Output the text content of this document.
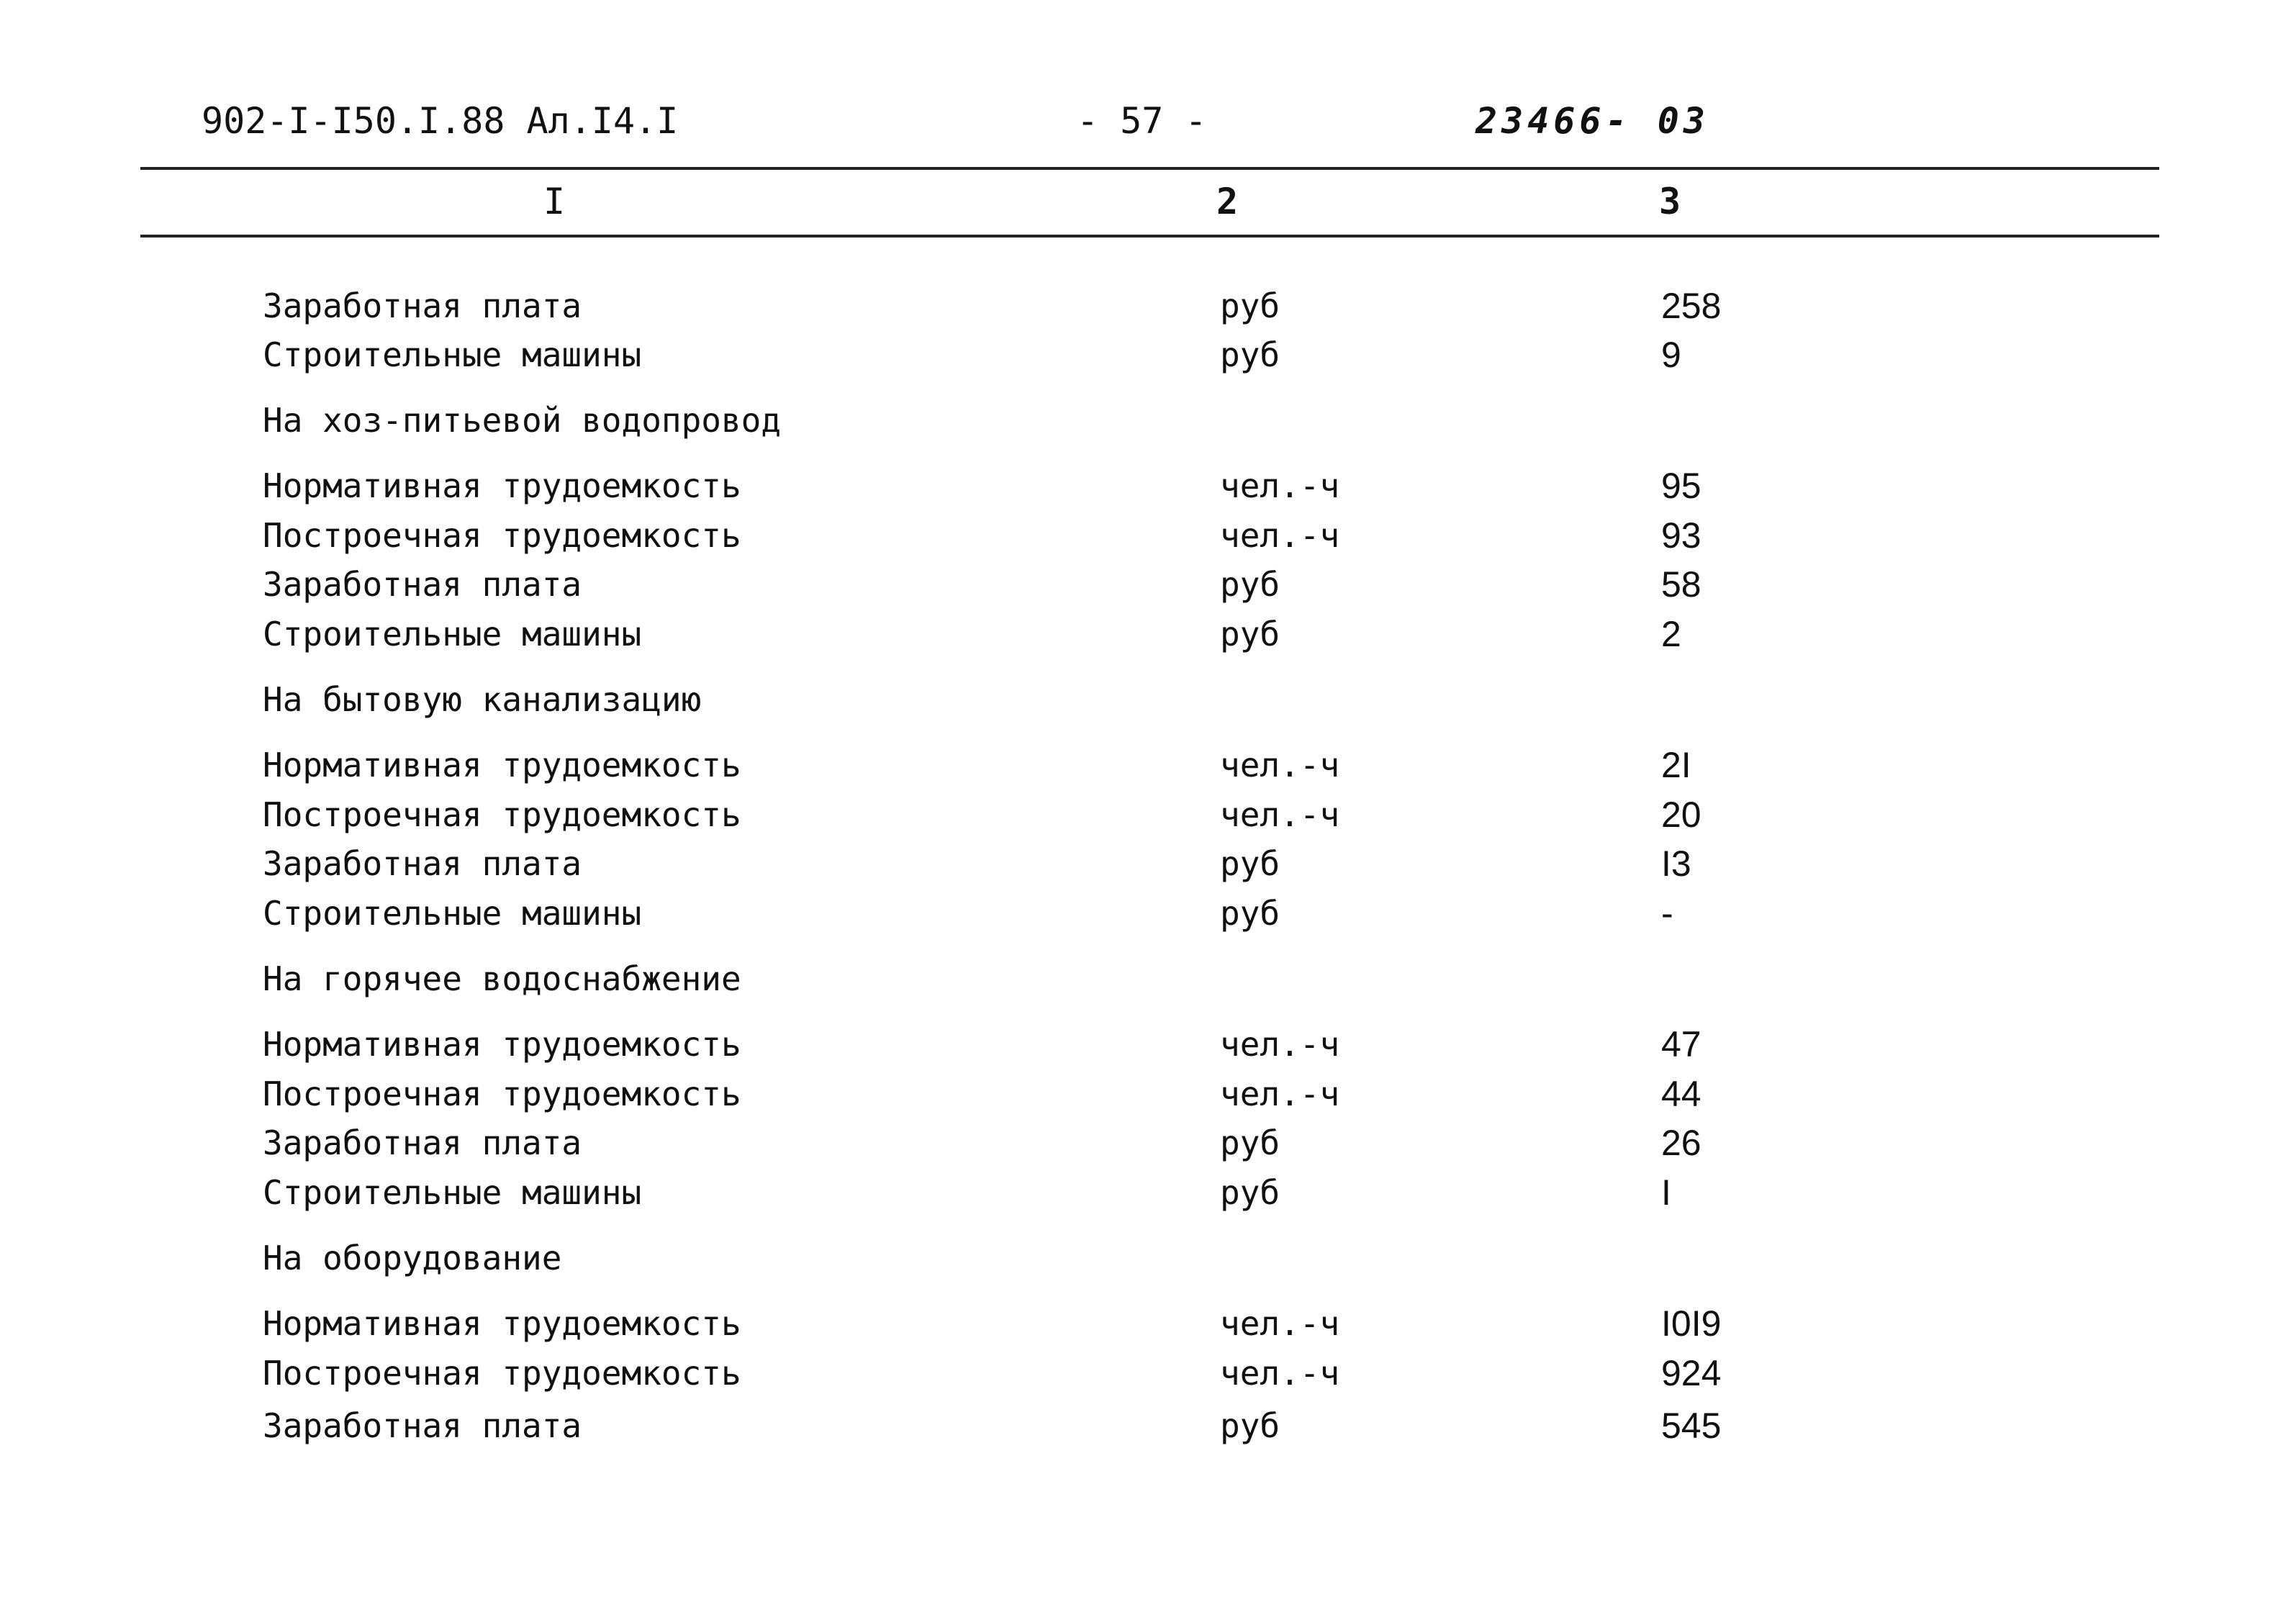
902-I-I50.I.88 Ал.I4.I	- 57 -	23466- 03
I	2	3
Заработная плата	руб	258
Строительные машины	руб	9
На хоз-питьевой водопровод
Нормативная трудоемкость	чел.-ч	95
Построечная трудоемкость	чел.-ч	93
Заработная плата	руб	58
Строительные машины	руб	2
На бытовую канализацию
Нормативная трудоемкость	чел.-ч	2I
Построечная трудоемкость	чел.-ч	20
Заработная плата	руб	I3
Строительные машины	руб	-
На горячее водоснабжение
Нормативная трудоемкость	чел.-ч	47
Построечная трудоемкость	чел.-ч	44
Заработная плата	руб	26
Строительные машины	руб	I
На оборудование
Нормативная трудоемкость	чел.-ч	I0I9
Построечная трудоемкость	чел.-ч	924
Заработная плата	руб	545
